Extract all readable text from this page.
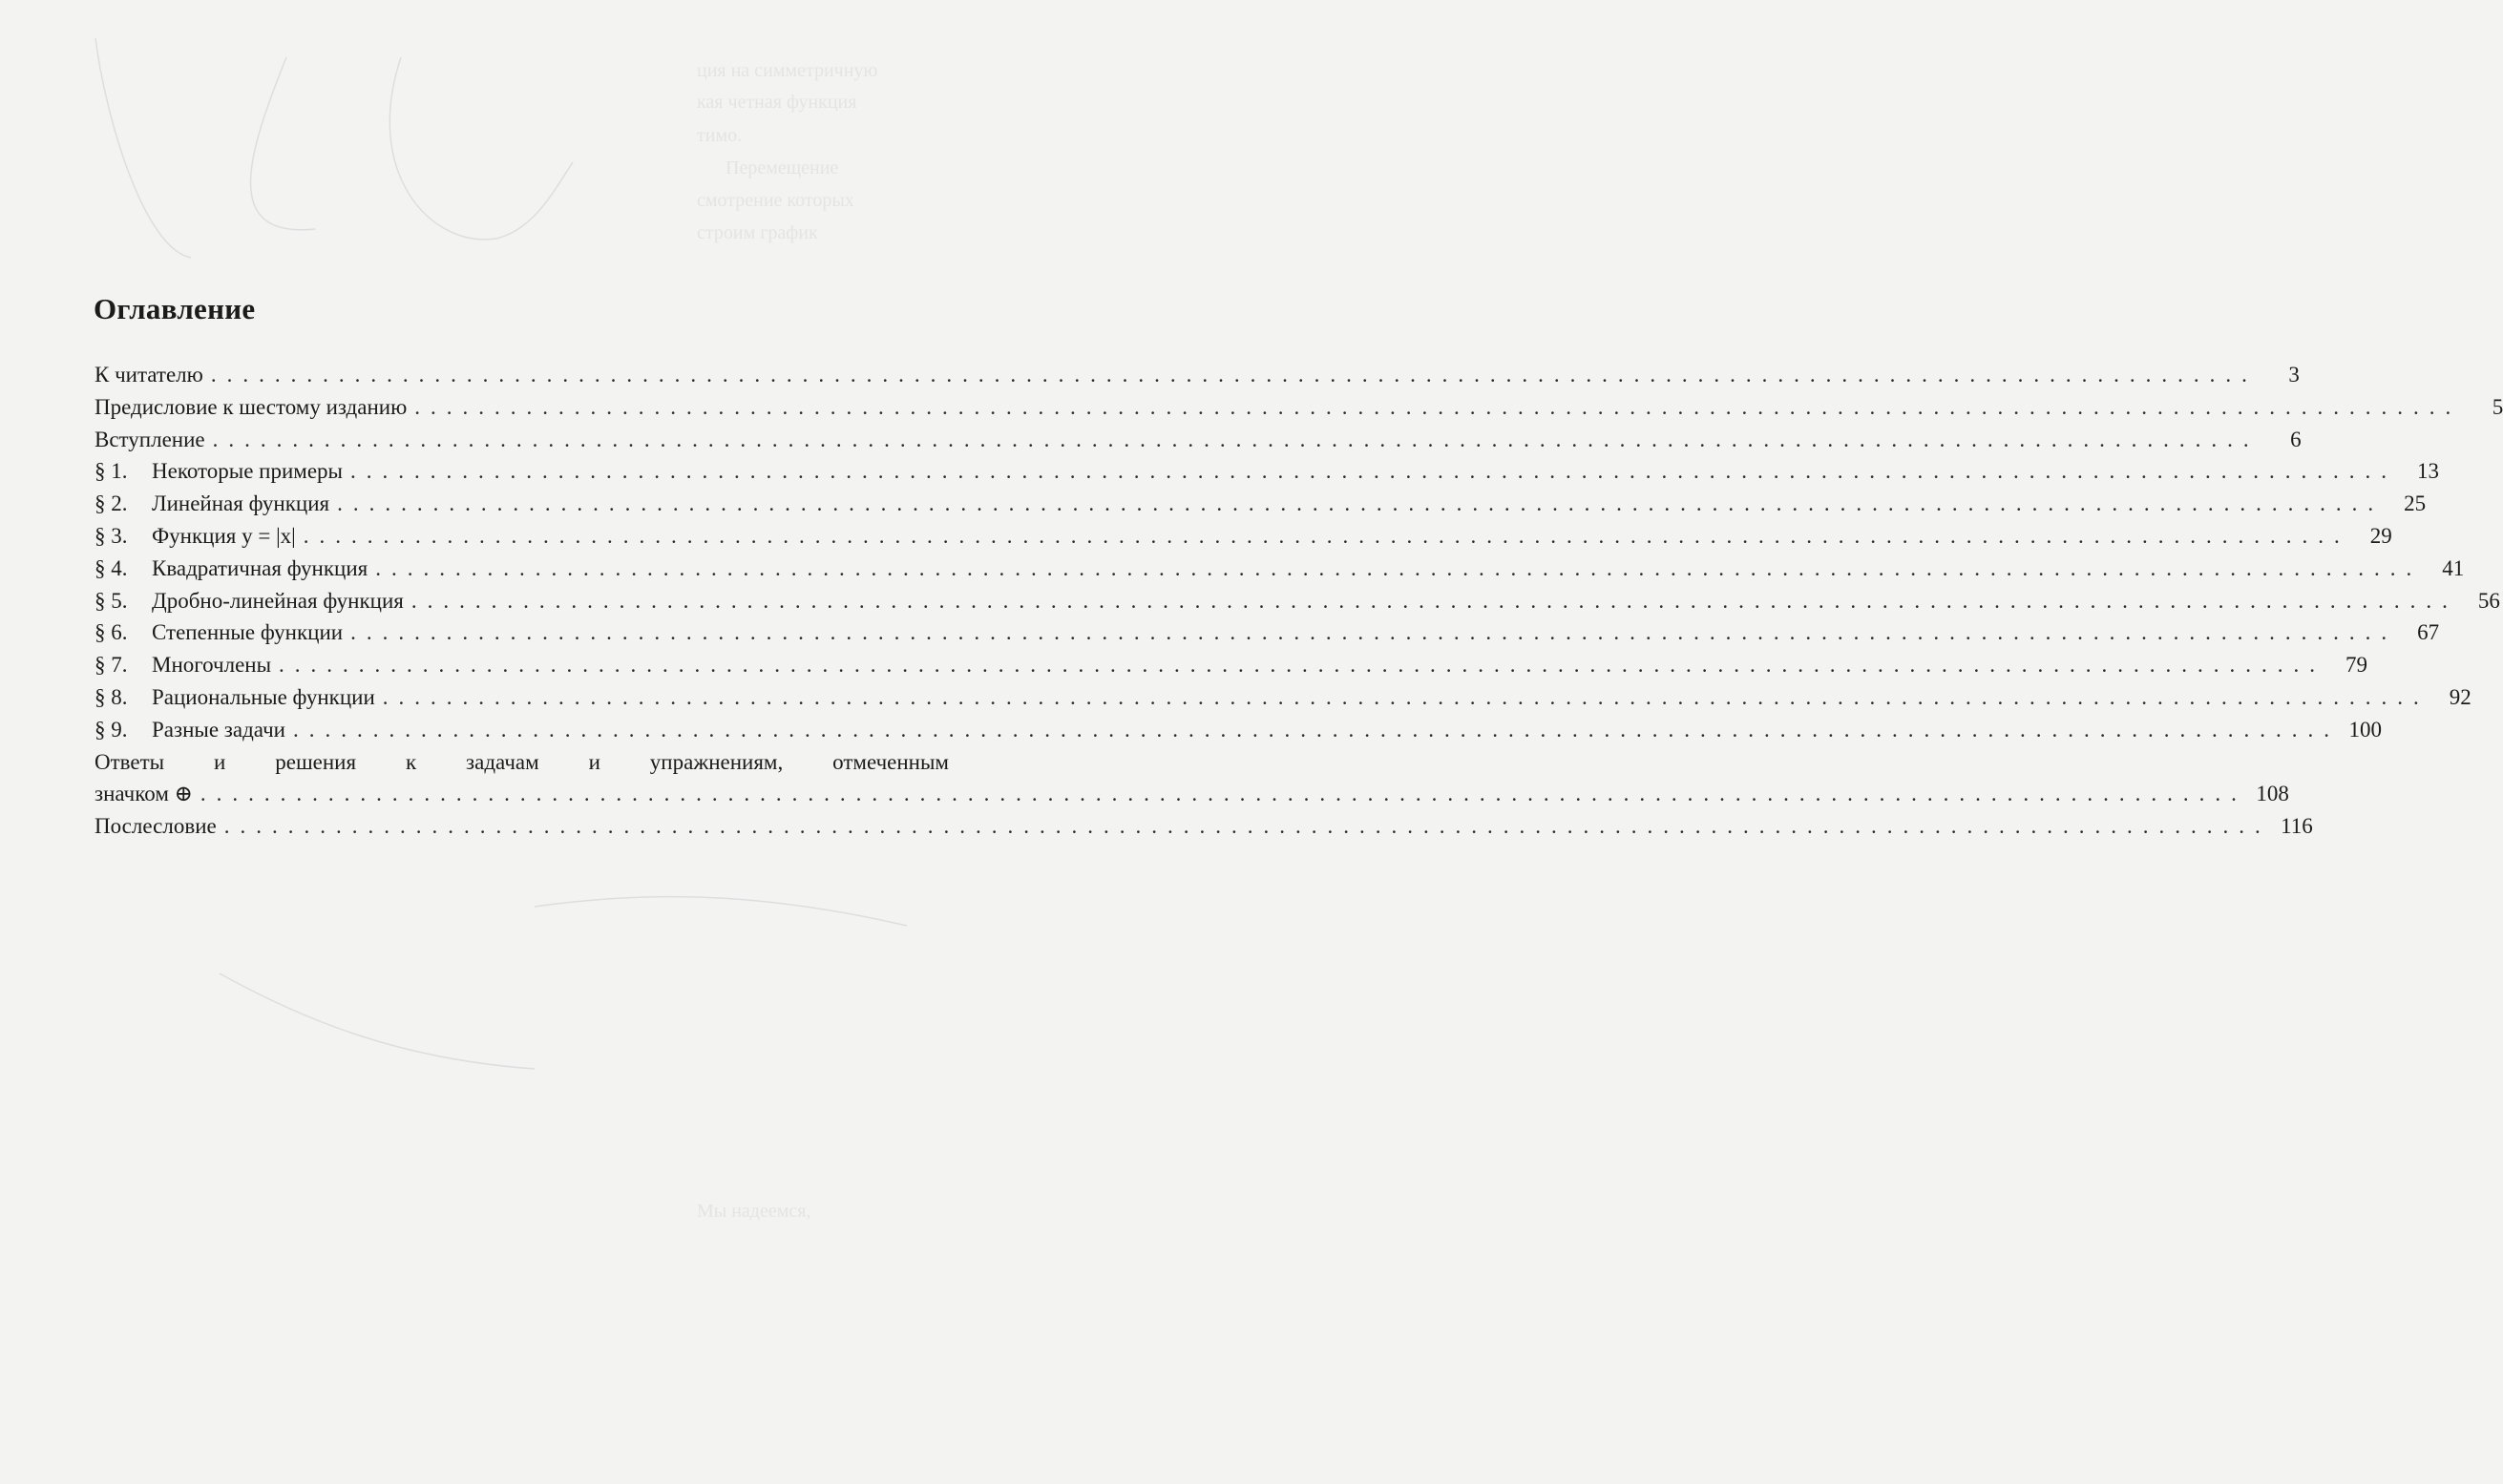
ция на симметричную
кая четная функция
тимо.
Перемещение
смотрение которых
строим график
Мы надеемся,
Оглавление
К читателю ................................................................................................................................	3
Предисловие к шестому изданию ................................................................................................................................	5
Вступление ................................................................................................................................	6
§ 1.	Некоторые примеры ................................................................................................................................ 13
§ 2.	Линейная функция ................................................................................................................................ 25
§ 3.	Функция y = |x| ................................................................................................................................ 29
§ 4.	Квадратичная функция ................................................................................................................................ 41
§ 5.	Дробно-линейная функция ................................................................................................................................ 56
§ 6.	Степенные функции ................................................................................................................................ 67
§ 7.	Многочлены ................................................................................................................................ 79
§ 8.	Рациональные функции ................................................................................................................................ 92
§ 9.	Разные задачи ................................................................................................................................ 100
Ответы и решения к задачам и упражнениям, отмеченным
значком ⊕ ................................................................................................................................ 108
Послесловие ................................................................................................................................ 116
